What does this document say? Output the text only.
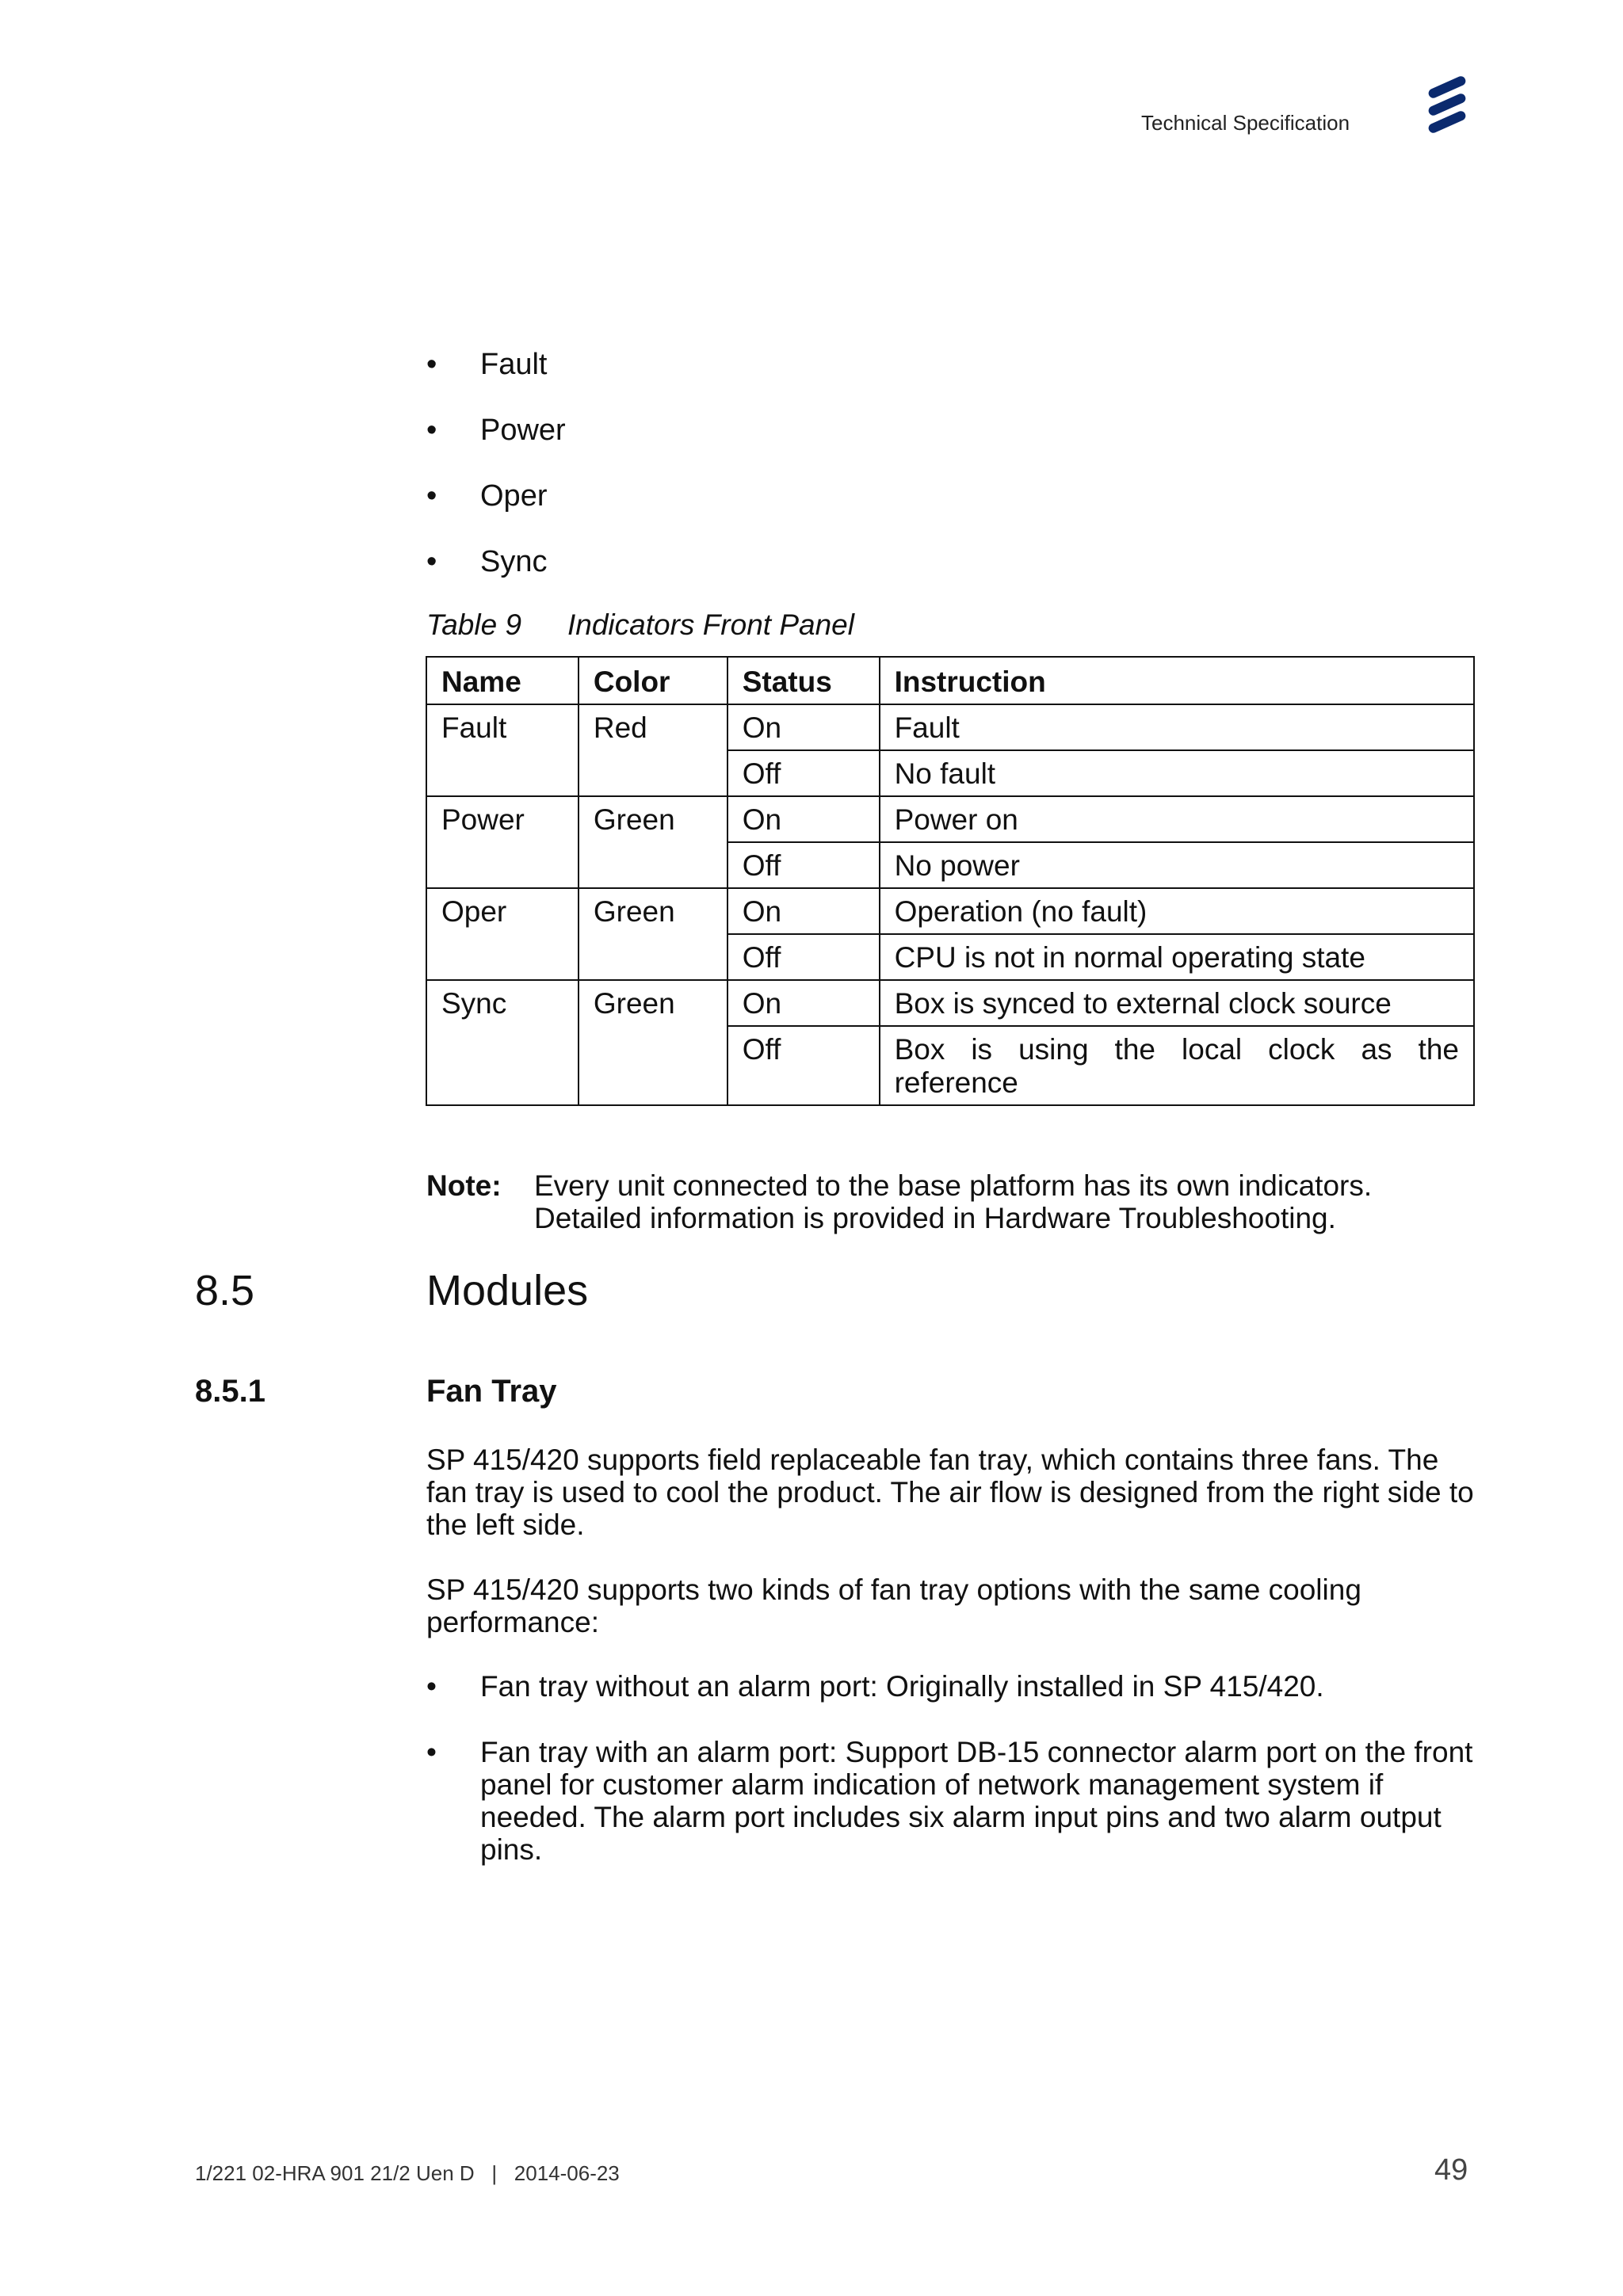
Technical Specification
• Fault
• Power
• Oper
• Sync
Table 9 Indicators Front Panel
Name	Color	Status	Instruction
Fault	Red	On	Fault
		Off	No fault
Power	Green	On	Power on
		Off	No power
Oper	Green	On	Operation (no fault)
		Off	CPU is not in normal operating state
Sync	Green	On	Box is synced to external clock source
		Off	Box is using the local clock as the reference
Note: Every unit connected to the base platform has its own indicators. Detailed information is provided in Hardware Troubleshooting.
8.5	Modules
8.5.1	Fan Tray

SP 415/420 supports field replaceable fan tray, which contains three fans. The fan tray is used to cool the product. The air flow is designed from the right side to the left side.

SP 415/420 supports two kinds of fan tray options with the same cooling performance:

• Fan tray without an alarm port: Originally installed in SP 415/420.
• Fan tray with an alarm port: Support DB-15 connector alarm port on the front panel for customer alarm indication of network management system if needed. The alarm port includes six alarm input pins and two alarm output pins.
1/221 02-HRA 901 21/2 Uen D   |   2014-06-23	49
